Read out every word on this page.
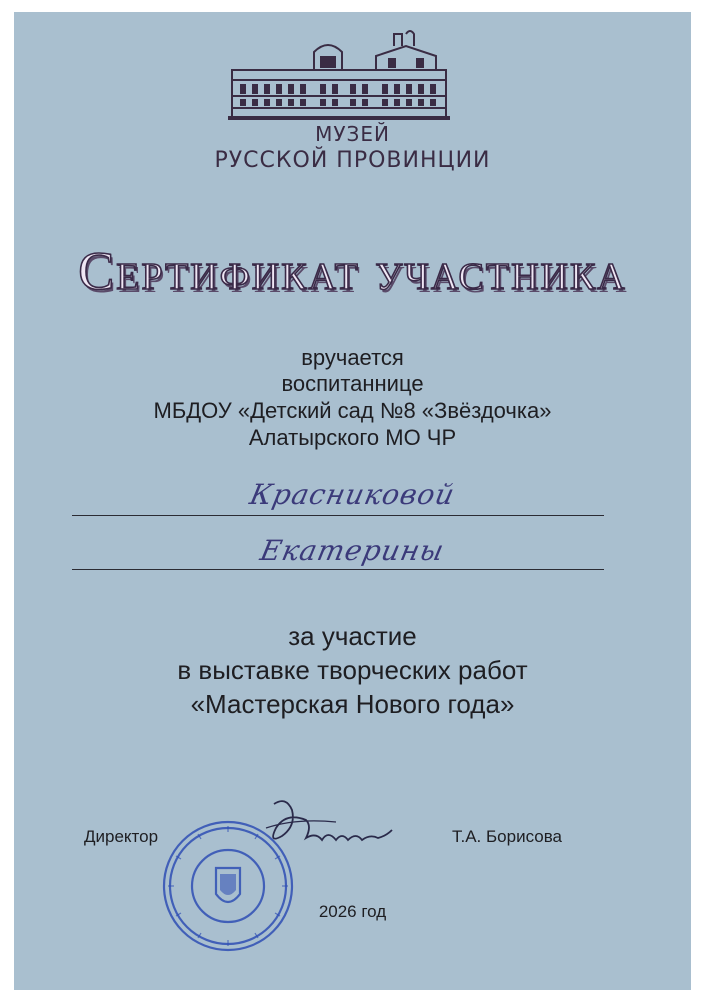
МУЗЕЙ
РУССКОЙ ПРОВИНЦИИ
Сертификат участника
вручается
воспитаннице
МБДОУ «Детский сад №8 «Звёздочка»
Алатырского МО ЧР
Красниковой
Екатерины
за участие
в выставке творческих работ
«Мастерская Нового года»
Директор	Т.А. Борисова
2026 год
